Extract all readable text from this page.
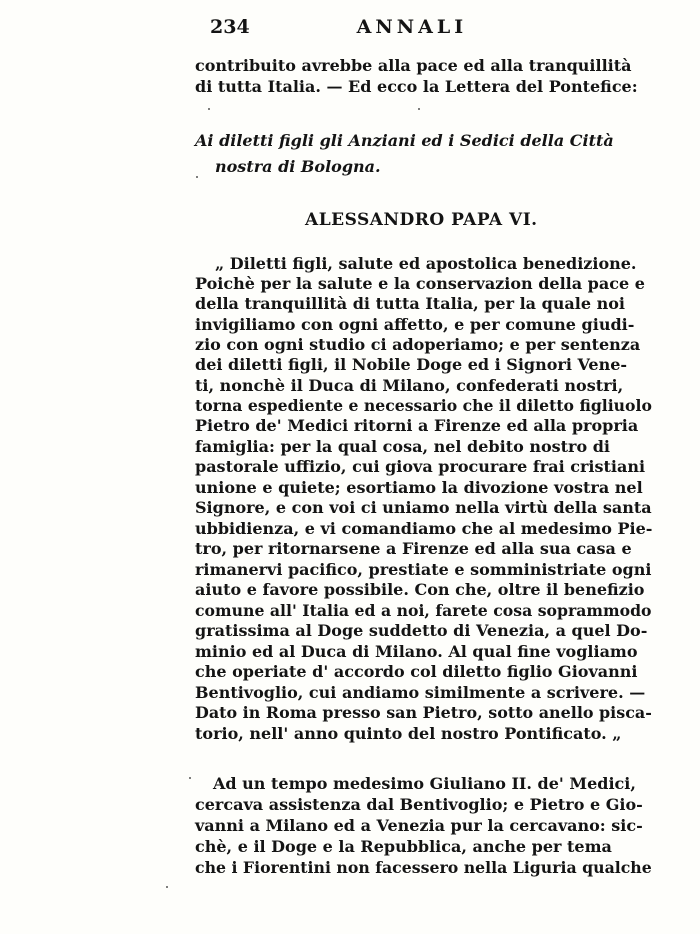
234	ANNALI
contribuito avrebbe alla pace ed alla tranquillità
di tutta Italia. — Ed ecco la Lettera del Pontefice:
Ai diletti figli gli Anziani ed i Sedici della Città
nostra di Bologna.
ALESSANDRO PAPA VI.
„ Diletti figli, salute ed apostolica benedizione.
Poichè per la salute e la conservazion della pace e
della tranquillità di tutta Italia, per la quale noi
invigiliamo con ogni affetto, e per comune giudi-
zio con ogni studio ci adoperiamo; e per sentenza
dei diletti figli, il Nobile Doge ed i Signori Vene-
ti, nonchè il Duca di Milano, confederati nostri,
torna espediente e necessario che il diletto figliuolo
Pietro de' Medici ritorni a Firenze ed alla propria
famiglia: per la qual cosa, nel debito nostro di
pastorale uffizio, cui giova procurare frai cristiani
unione e quiete; esortiamo la divozione vostra nel
Signore, e con voi ci uniamo nella virtù della santa
ubbidienza, e vi comandiamo che al medesimo Pie-
tro, per ritornarsene a Firenze ed alla sua casa e
rimanervi pacifico, prestiate e somministriate ogni
aiuto e favore possibile. Con che, oltre il benefizio
comune all' Italia ed a noi, farete cosa soprammodo
gratissima al Doge suddetto di Venezia, a quel Do-
minio ed al Duca di Milano. Al qual fine vogliamo
che operiate d' accordo col diletto figlio Giovanni
Bentivoglio, cui andiamo similmente a scrivere. —
Dato in Roma presso san Pietro, sotto anello pisca-
torio, nell' anno quinto del nostro Pontificato. „
Ad un tempo medesimo Giuliano II. de' Medici,
cercava assistenza dal Bentivoglio; e Pietro e Gio-
vanni a Milano ed a Venezia pur la cercavano: sic-
chè, e il Doge e la Repubblica, anche per tema
che i Fiorentini non facessero nella Liguria qualche
